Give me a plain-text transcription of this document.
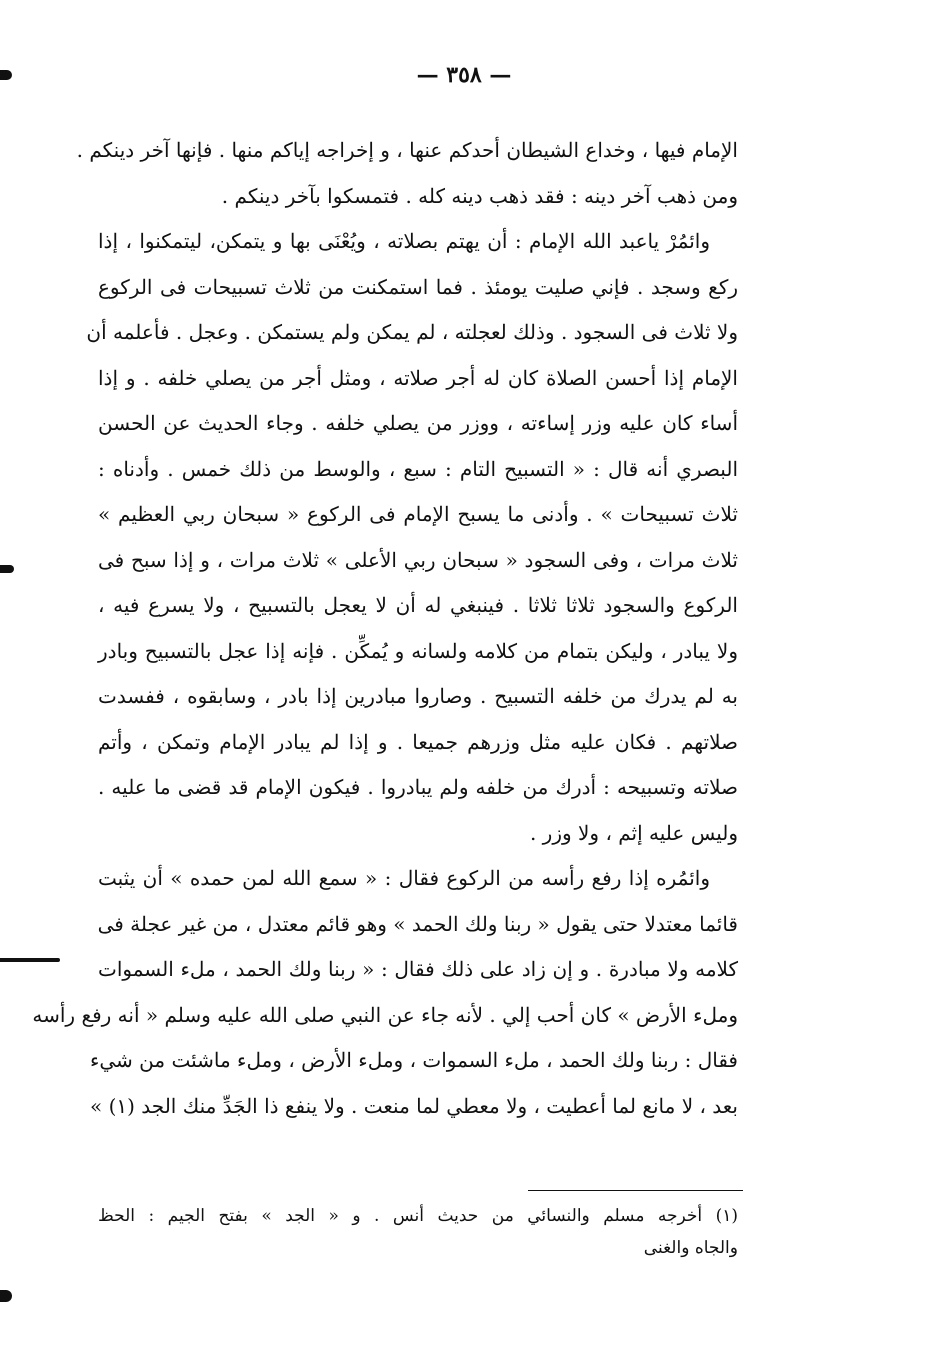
— ٣٥٨ —
الإمام فيها ، وخداع الشيطان أحدكم عنها ، و إخراجه إياكم منها . فإنها آخر دينكم .
ومن ذهب آخر دينه : فقد ذهب دينه كله . فتمسكوا بآخر دينكم .
وائمُرْ ياعبد الله الإمام : أن يهتم بصلاته ، ويُعْنَى بها و يتمكن، ليتمكنوا ، إذا
ركع وسجد . فإني صليت يومئذ . فما استمكنت من ثلاث تسبيحات فى الركوع
ولا ثلاث فى السجود . وذلك لعجلته ، لم يمكن ولم يستمكن . وعجل . فأعلمه أن
الإمام إذا أحسن الصلاة كان له أجر صلاته ، ومثل أجر من يصلي خلفه . و إذا
أساء كان عليه وزر إساءته ، ووزر من يصلي خلفه . وجاء الحديث عن الحسن
البصري أنه قال : « التسبيح التام : سبع ، والوسط من ذلك خمس . وأدناه :
ثلاث تسبيحات » . وأدنى ما يسبح الإمام فى الركوع « سبحان ربي العظيم »
ثلاث مرات ، وفى السجود « سبحان ربي الأعلى » ثلاث مرات ، و إذا سبح فى
الركوع والسجود ثلاثا ثلاثا . فينبغي له أن لا يعجل بالتسبيح ، ولا يسرع فيه ،
ولا يبادر ، وليكن بتمام من كلامه ولسانه و يُمكِّن . فإنه إذا عجل بالتسبيح وبادر
به لم يدرك من خلفه التسبيح . وصاروا مبادرين إذا بادر ، وسابقوه ، ففسدت
صلاتهم . فكان عليه مثل وزرهم جميعا . و إذا لم يبادر الإمام وتمكن ، وأتم
صلاته وتسبيحه : أدرك من خلفه ولم يبادروا . فيكون الإمام قد قضى ما عليه .
وليس عليه إثم ، ولا وزر .
وائمُره إذا رفع رأسه من الركوع فقال : « سمع الله لمن حمده » أن يثبت
قائما معتدلا حتى يقول « ربنا ولك الحمد » وهو قائم معتدل ، من غير عجلة فى
كلامه ولا مبادرة . و إن زاد على ذلك فقال : « ربنا ولك الحمد ، ملء السموات
وملء الأرض » كان أحب إلي . لأنه جاء عن النبي صلى الله عليه وسلم « أنه رفع رأسه
فقال : ربنا ولك الحمد ، ملء السموات ، وملء الأرض ، وملء ماشئت من شيء
بعد ، لا مانع لما أعطيت ، ولا معطي لما منعت . ولا ينفع ذا الجَدِّ منك الجد (١) »
(١) أخرجه مسلم والنسائي من حديث أنس . و « الجد » بفتح الجيم : الحظ
والجاه والغنى
